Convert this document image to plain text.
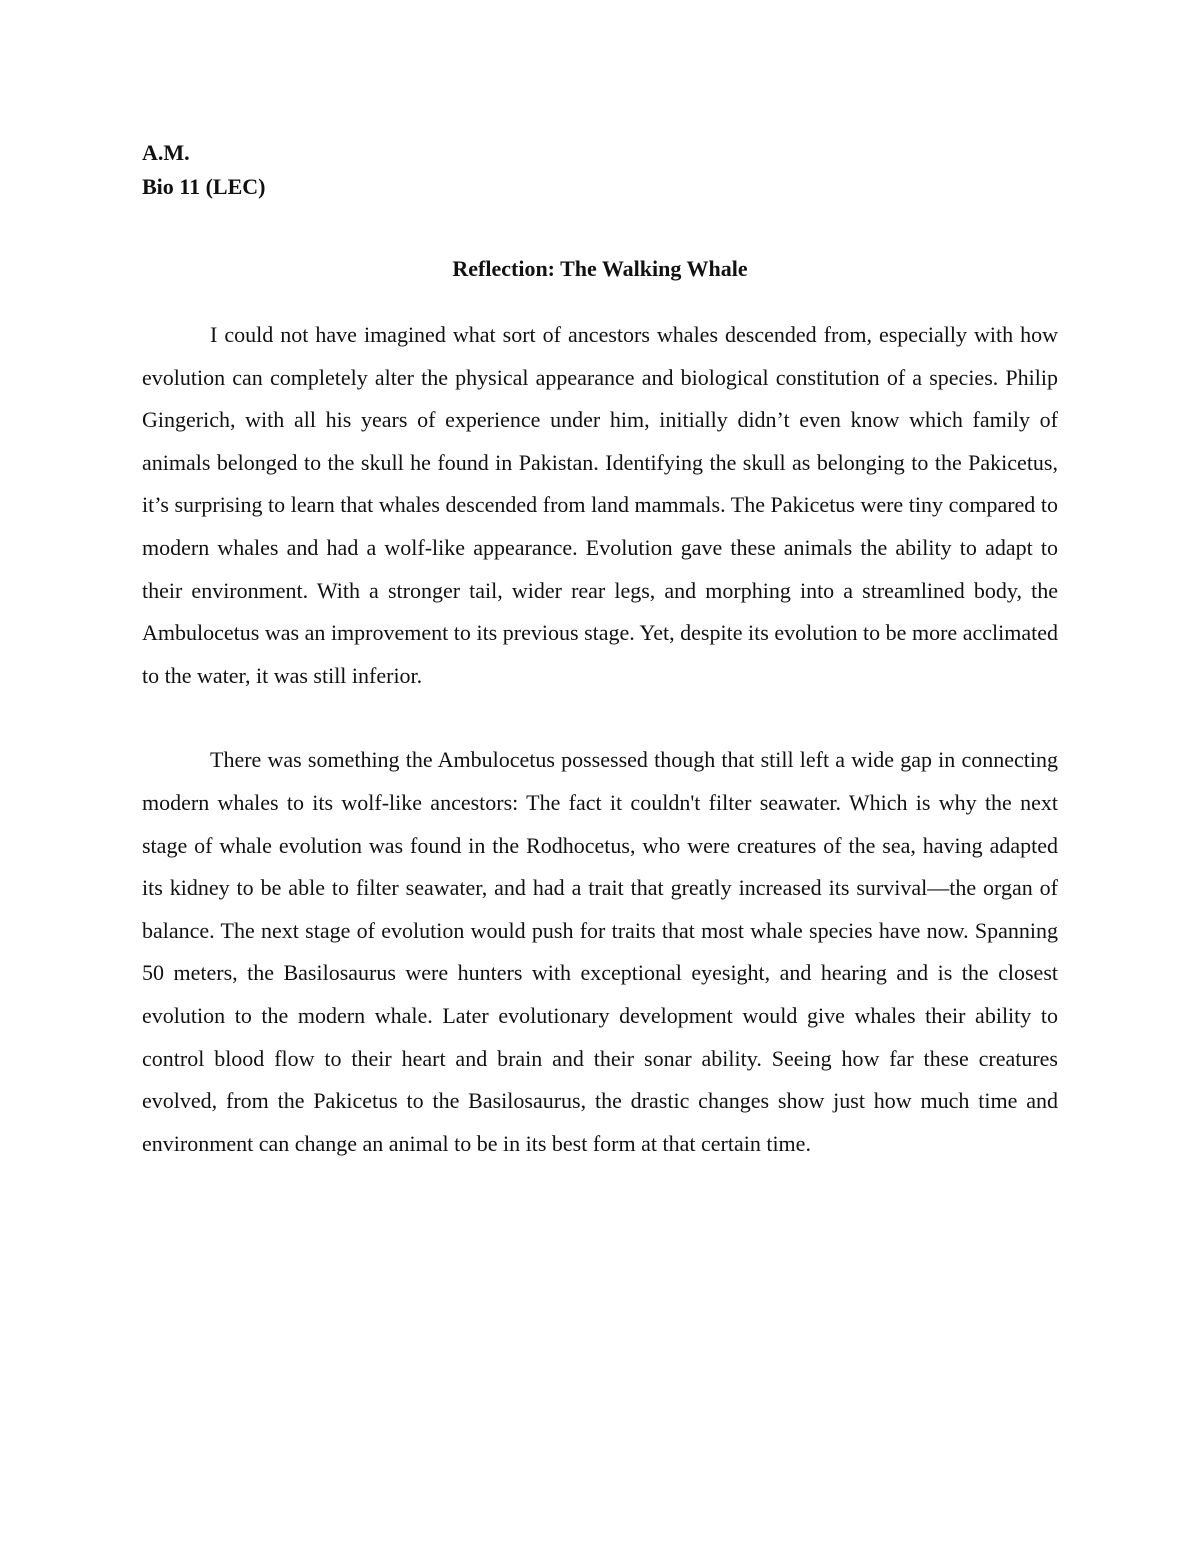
A.M.

Bio 11 (LEC)

Reflection: The Walking Whale

I could not have imagined what sort of ancestors whales descended from, especially with how evolution can completely alter the physical appearance and biological constitution of a species. Philip Gingerich, with all his years of experience under him, initially didn’t even know which family of animals belonged to the skull he found in Pakistan. Identifying the skull as belonging to the Pakicetus, it’s surprising to learn that whales descended from land mammals. The Pakicetus were tiny compared to modern whales and had a wolf-like appearance. Evolution gave these animals the ability to adapt to their environment. With a stronger tail, wider rear legs, and morphing into a streamlined body, the Ambulocetus was an improvement to its previous stage. Yet, despite its evolution to be more acclimated to the water, it was still inferior.

There was something the Ambulocetus possessed though that still left a wide gap in connecting modern whales to its wolf-like ancestors: The fact it couldn't filter seawater. Which is why the next stage of whale evolution was found in the Rodhocetus, who were creatures of the sea, having adapted its kidney to be able to filter seawater, and had a trait that greatly increased its survival—the organ of balance. The next stage of evolution would push for traits that most whale species have now. Spanning 50 meters, the Basilosaurus were hunters with exceptional eyesight, and hearing and is the closest evolution to the modern whale. Later evolutionary development would give whales their ability to control blood flow to their heart and brain and their sonar ability. Seeing how far these creatures evolved, from the Pakicetus to the Basilosaurus, the drastic changes show just how much time and environment can change an animal to be in its best form at that certain time.
